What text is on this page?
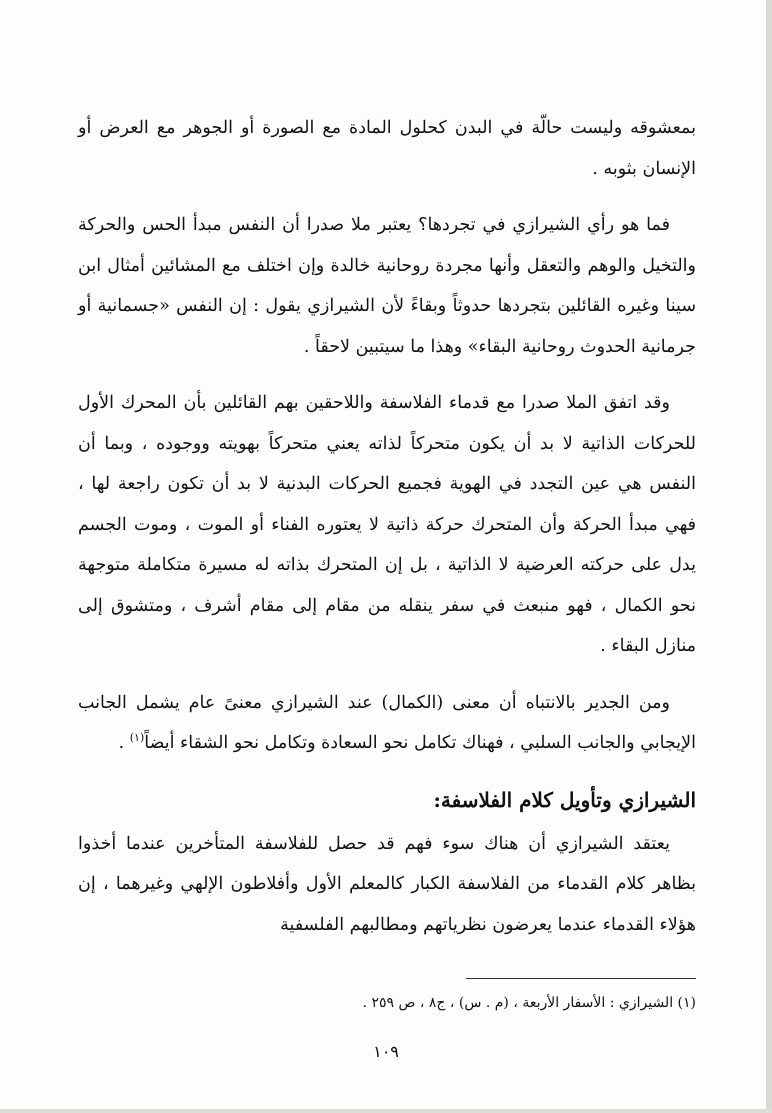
بمعشوقه وليست حالّة في البدن كحلول المادة مع الصورة أو الجوهر مع العرض أو الإنسان بثوبه .

فما هو رأي الشيرازي في تجردها؟ يعتبر ملا صدرا أن النفس مبدأ الحس والحركة والتخيل والوهم والتعقل وأنها مجردة روحانية خالدة وإن اختلف مع المشائين أمثال ابن سينا وغيره القائلين بتجردها حدوثاً وبقاءً لأن الشيرازي يقول : إن النفس «جسمانية أو جرمانية الحدوث روحانية البقاء» وهذا ما سيتبين لاحقاً .

وقد اتفق الملا صدرا مع قدماء الفلاسفة واللاحقين بهم القائلين بأن المحرك الأول للحركات الذاتية لا بد أن يكون متحركاً لذاته يعني متحركاً بهويته ووجوده ، وبما أن النفس هي عين التجدد في الهوية فجميع الحركات البدنية لا بد أن تكون راجعة لها ، فهي مبدأ الحركة وأن المتحرك حركة ذاتية لا يعتوره الفناء أو الموت ، وموت الجسم يدل على حركته العرضية لا الذاتية ، بل إن المتحرك بذاته له مسيرة متكاملة متوجهة نحو الكمال ، فهو منبعث في سفر ينقله من مقام إلى مقام أشرف ، ومتشوق إلى منازل البقاء .

ومن الجدير بالانتباه أن معنى (الكمال) عند الشيرازي معنىً عام يشمل الجانب الإيجابي والجانب السلبي ، فهناك تكامل نحو السعادة وتكامل نحو الشقاء أيضاً$^{(١)}$ .

الشيرازي وتأويل كلام الفلاسفة:

يعتقد الشيرازي أن هناك سوء فهم قد حصل للفلاسفة المتأخرين عندما أخذوا بظاهر كلام القدماء من الفلاسفة الكبار كالمعلم الأول وأفلاطون الإلهي وغيرهما ، إن هؤلاء القدماء عندما يعرضون نظرياتهم ومطالبهم الفلسفية

(١) الشيرازي : الأسفار الأربعة ، (م . س) ، ج٨ ، ص ٢٥٩ .
١٠٩
